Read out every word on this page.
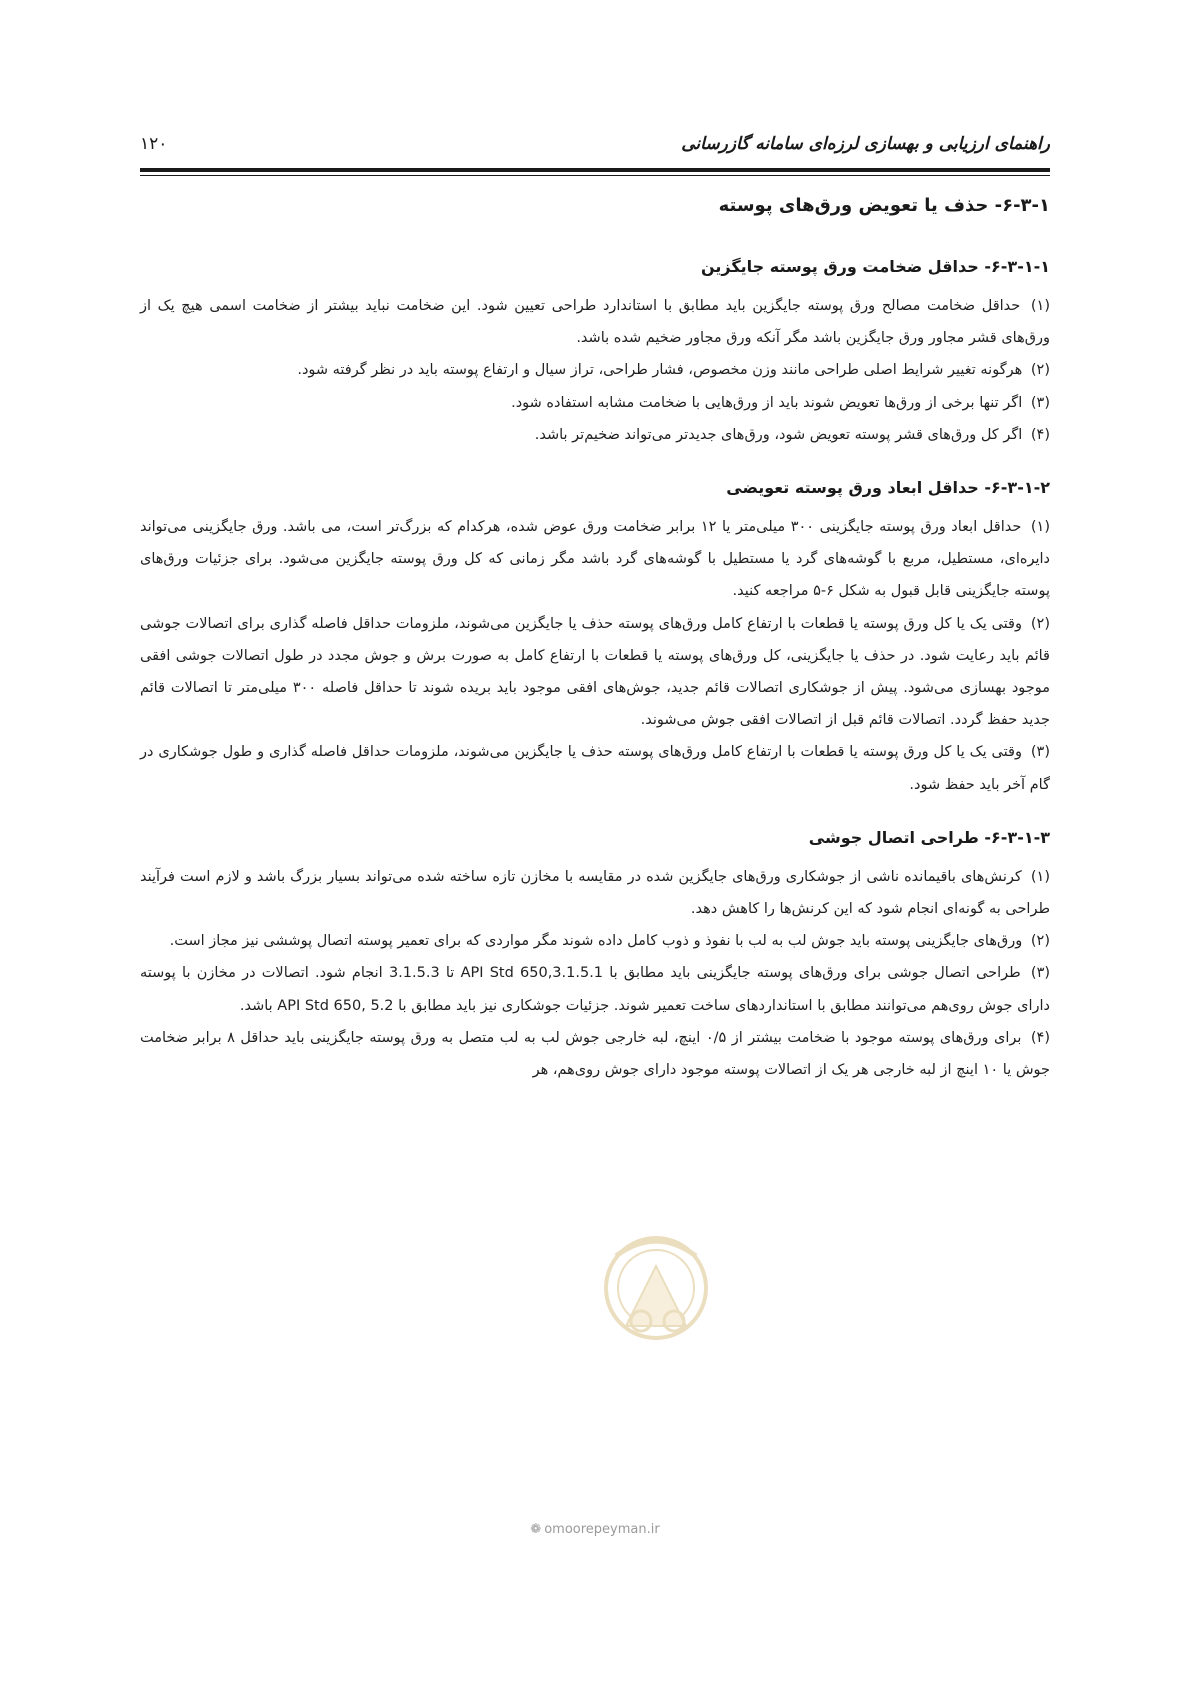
راهنمای ارزیابی و بهسازی لرزه‌ای سامانه گازرسانی
۱۲۰
۶-۳-۱- حذف یا تعویض ورق‌های پوسته
۶-۳-۱-۱- حداقل ضخامت ورق پوسته جایگزین

(۱) حداقل ضخامت مصالح ورق پوسته جایگزین باید مطابق با استاندارد طراحی تعیین شود. این ضخامت نباید بیشتر از ضخامت اسمی هیچ یک از ورق‌های قشر مجاور ورق جایگزین باشد مگر آنکه ورق مجاور ضخیم شده باشد.

(۲) هرگونه تغییر شرایط اصلی طراحی مانند وزن مخصوص، فشار طراحی، تراز سیال و ارتفاع پوسته باید در نظر گرفته شود.

(۳) اگر تنها برخی از ورق‌ها تعویض شوند باید از ورق‌هایی با ضخامت مشابه استفاده شود.

(۴) اگر کل ورق‌های قشر پوسته تعویض شود، ورق‌های جدیدتر می‌تواند ضخیم‌تر باشد.

۶-۳-۱-۲- حداقل ابعاد ورق پوسته تعویضی

(۱) حداقل ابعاد ورق پوسته جایگزینی ۳۰۰ میلی‌متر یا ۱۲ برابر ضخامت ورق عوض شده، هرکدام که بزرگ‌تر است، می باشد. ورق جایگزینی می‌تواند دایره‌ای، مستطیل، مربع با گوشه‌های گرد یا مستطیل با گوشه‌های گرد باشد مگر زمانی که کل ورق پوسته جایگزین می‌شود. برای جزئیات ورق‌های پوسته جایگزینی قابل قبول به شکل ۶-۵ مراجعه کنید.

(۲) وقتی یک یا کل ورق پوسته یا قطعات با ارتفاع کامل ورق‌های پوسته حذف یا جایگزین می‌شوند، ملزومات حداقل فاصله گذاری برای اتصالات جوشی قائم باید رعایت شود. در حذف یا جایگزینی، کل ورق‌های پوسته یا قطعات با ارتفاع کامل به صورت برش و جوش مجدد در طول اتصالات جوشی افقی موجود بهسازی می‌شود. پیش از جوشکاری اتصالات قائم جدید، جوش‌های افقی موجود باید بریده شوند تا حداقل فاصله ۳۰۰ میلی‌متر تا اتصالات قائم جدید حفظ گردد. اتصالات قائم قبل از اتصالات افقی جوش می‌شوند.

(۳) وقتی یک یا کل ورق پوسته یا قطعات با ارتفاع کامل ورق‌های پوسته حذف یا جایگزین می‌شوند، ملزومات حداقل فاصله گذاری و طول جوشکاری در گام آخر باید حفظ شود.

۶-۳-۱-۳- طراحی اتصال جوشی

(۱) کرنش‌های باقیمانده ناشی از جوشکاری ورق‌های جایگزین شده در مقایسه با مخازن تازه ساخته شده می‌تواند بسیار بزرگ باشد و لازم است فرآیند طراحی به گونه‌ای انجام شود که این کرنش‌ها را کاهش دهد.

(۲) ورق‌های جایگزینی پوسته باید جوش لب به لب با نفوذ و ذوب کامل داده شوند مگر مواردی که برای تعمیر پوسته اتصال پوششی نیز مجاز است.

(۳) طراحی اتصال جوشی برای ورق‌های پوسته جایگزینی باید مطابق با API Std 650,3.1.5.1 تا 3.1.5.3 انجام شود. اتصالات در مخازن با پوسته دارای جوش روی‌هم می‌توانند مطابق با استانداردهای ساخت تعمیر شوند. جزئیات جوشکاری نیز باید مطابق با API Std 650, 5.2 باشد.

(۴) برای ورق‌های پوسته موجود با ضخامت بیشتر از ۰/۵ اینچ، لبه خارجی جوش لب به لب متصل به ورق پوسته جایگزینی باید حداقل ۸ برابر ضخامت جوش یا ۱۰ اینچ از لبه خارجی هر یک از اتصالات پوسته موجود دارای جوش روی‌هم، هر

❁ omoorepeyman.ir
